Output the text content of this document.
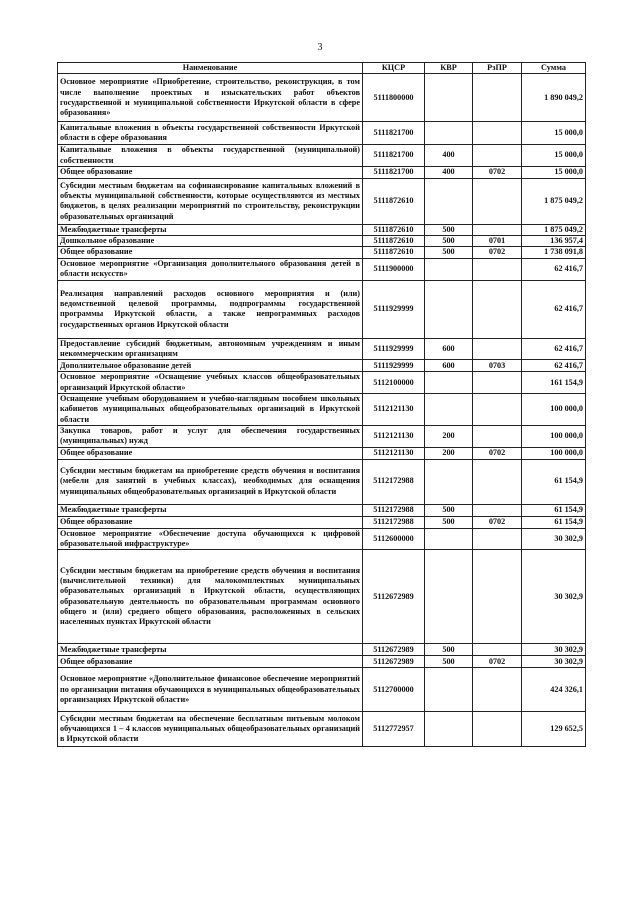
3
Наименование	КЦСР	КВР	РзПР	Сумма
Основное мероприятие «Приобретение, строительство, реконструкция, в том числе выполнение проектных и изыскательских работ объектов государственной и муниципальной собственности Иркутской области в сфере образования»	5111800000			1 890 049,2
Капитальные вложения в объекты государственной собственности Иркутской области в сфере образования	5111821700			15 000,0
Капитальные вложения в объекты государственной (муниципальной) собственности	5111821700	400		15 000,0
Общее образование	5111821700	400	0702	15 000,0
Субсидии местным бюджетам на софинансирование капитальных вложений в объекты муниципальной собственности, которые осуществляются из местных бюджетов, в целях реализации мероприятий по строительству, реконструкции образовательных организаций	5111872610			1 875 049,2
Межбюджетные трансферты	5111872610	500		1 875 049,2
Дошкольное образование	5111872610	500	0701	136 957,4
Общее образование	5111872610	500	0702	1 738 091,8
Основное мероприятие «Организация дополнительного образования детей в области искусств»	5111900000			62 416,7
Реализация направлений расходов основного мероприятия и (или) ведомственной целевой программы, подпрограммы государственной программы Иркутской области, а также непрограммных расходов государственных органов Иркутской области	5111929999			62 416,7
Предоставление субсидий бюджетным, автономным учреждениям и иным некоммерческим организациям	5111929999	600		62 416,7
Дополнительное образование детей	5111929999	600	0703	62 416,7
Основное мероприятие «Оснащение учебных классов общеобразовательных организаций Иркутской области»	5112100000			161 154,9
Оснащение учебным оборудованием и учебно-наглядным пособием школьных кабинетов муниципальных общеобразовательных организаций в Иркутской области	5112121130			100 000,0
Закупка товаров, работ и услуг для обеспечения государственных (муниципальных) нужд	5112121130	200		100 000,0
Общее образование	5112121130	200	0702	100 000,0
Субсидии местным бюджетам на приобретение средств обучения и воспитания (мебели для занятий в учебных классах), необходимых для оснащения муниципальных общеобразовательных организаций в Иркутской области	5112172988			61 154,9
Межбюджетные трансферты	5112172988	500		61 154,9
Общее образование	5112172988	500	0702	61 154,9
Основное мероприятие «Обеспечение доступа обучающихся к цифровой образовательной инфраструктуре»	5112600000			30 302,9
Субсидии местным бюджетам на приобретение средств обучения и воспитания (вычислительной техники) для малокомплектных муниципальных образовательных организаций в Иркутской области, осуществляющих образовательную деятельность по образовательным программам основного общего и (или) среднего общего образования, расположенных в сельских населенных пунктах Иркутской области	5112672989			30 302,9
Межбюджетные трансферты	5112672989	500		30 302,9
Общее образование	5112672989	500	0702	30 302,9
Основное мероприятие «Дополнительное финансовое обеспечение мероприятий по организации питания обучающихся в муниципальных общеобразовательных организациях Иркутской области»	5112700000			424 326,1
Субсидии местным бюджетам на обеспечение бесплатным питьевым молоком обучающихся 1 – 4 классов муниципальных общеобразовательных организаций в Иркутской области	5112772957			129 652,5
